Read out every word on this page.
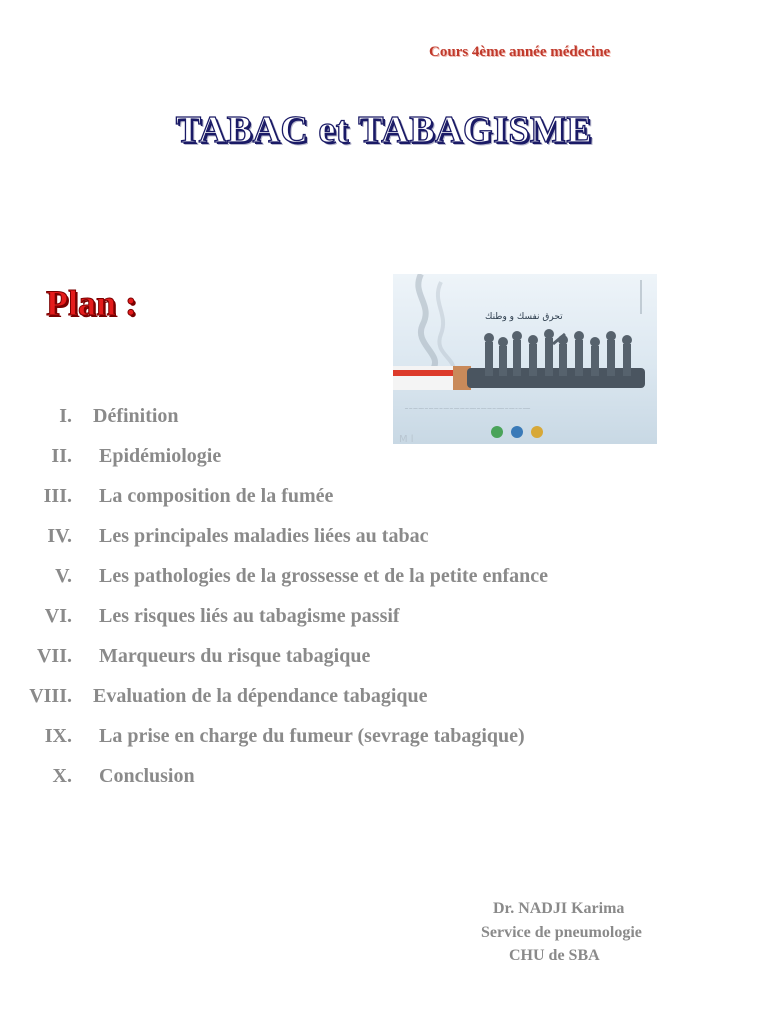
Cours 4ème année médecine
TABAC et TABAGISME
Plan :	تحرق نفسك و وطنك
ـــــــ ـــ ــ ـــــ ـــ ـــــــ ـــ ــــ ـــــ ـــ ــــــ ـــ ــــ ـــــ ـــ ـــــ ـــ ــــ ــــ ـــ ـــــ ــــ ـــ ـــ
M l
I. Définition
II. Epidémiologie
III. La composition de la fumée
IV. Les principales maladies liées au tabac
V. Les pathologies de la grossesse et de la petite enfance
VI. Les risques liés au tabagisme passif
VII. Marqueurs du risque tabagique
VIII. Evaluation de la dépendance tabagique
IX. La prise en charge du fumeur (sevrage tabagique)
X. Conclusion
Dr. NADJI Karima
Service de pneumologie
CHU de SBA
